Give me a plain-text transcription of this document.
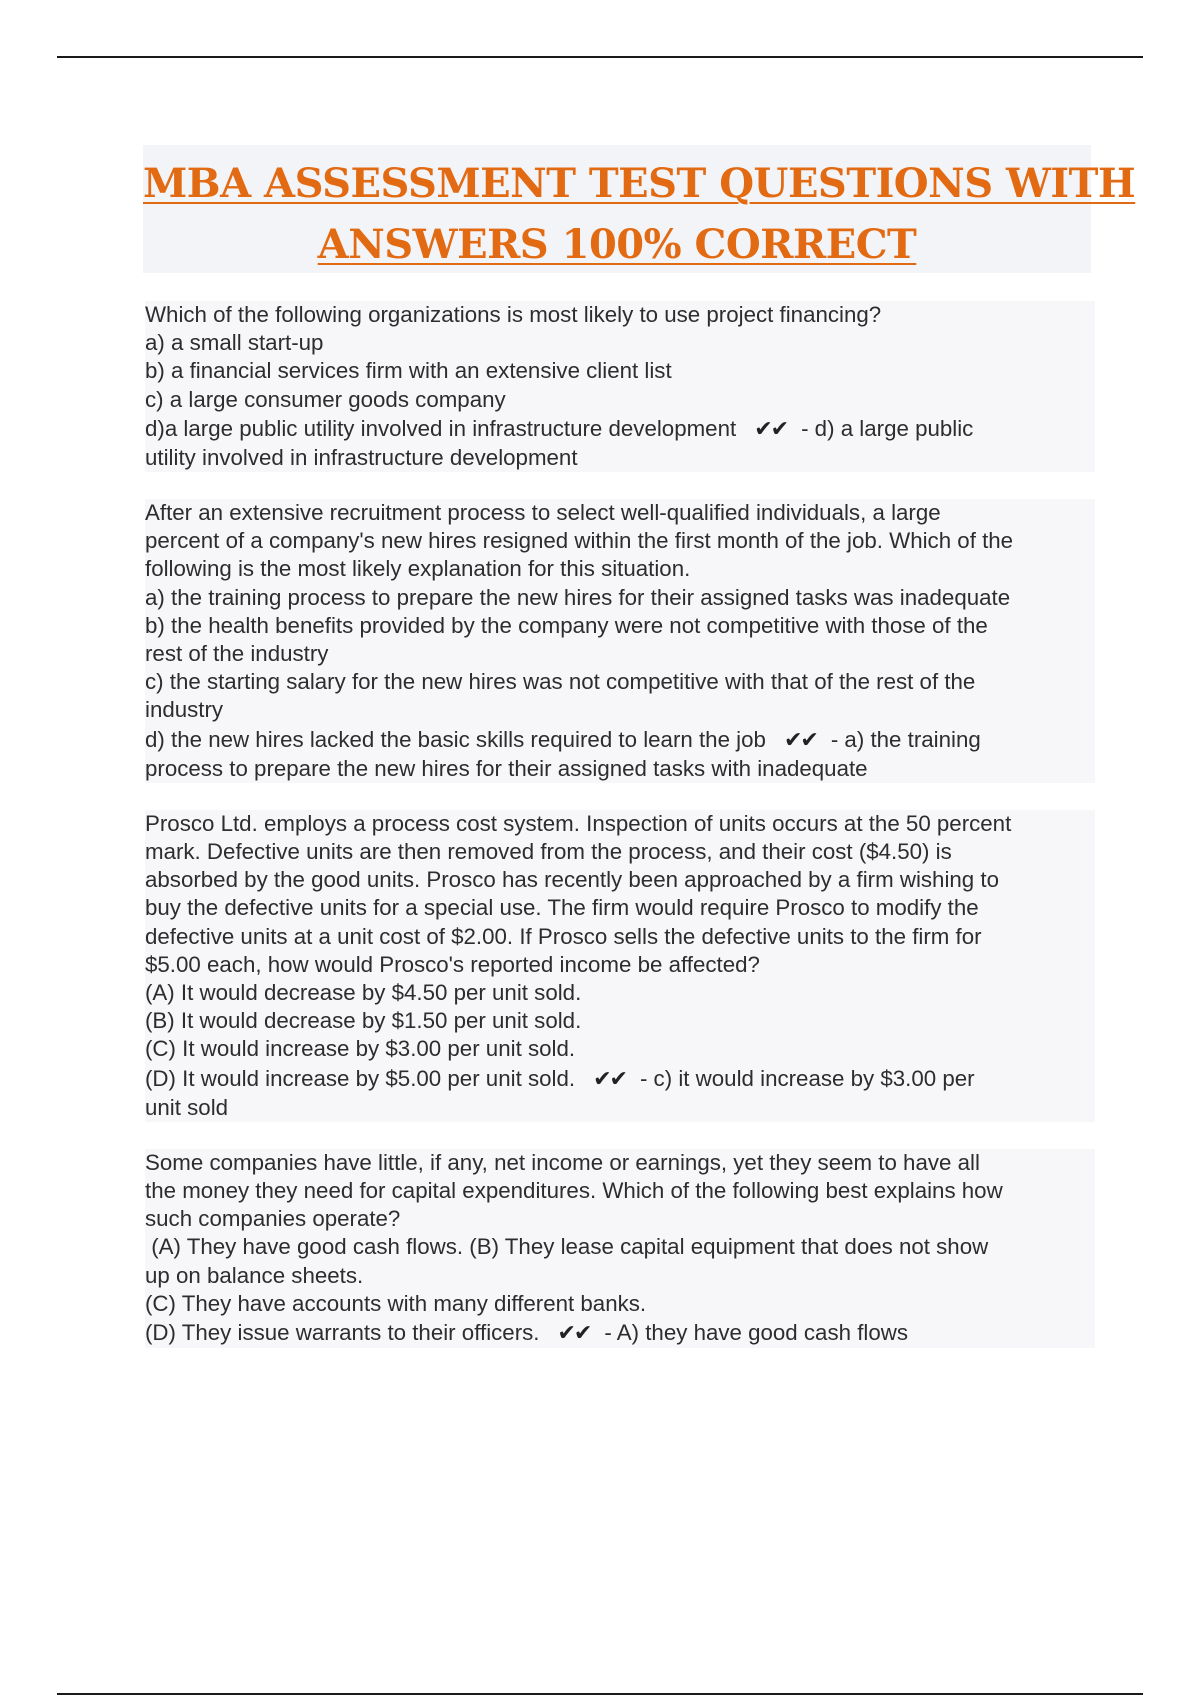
MBA ASSESSMENT TEST QUESTIONS WITH
ANSWERS 100% CORRECT
Which of the following organizations is most likely to use project financing?
a) a small start-up
b) a financial services firm with an extensive client list
c) a large consumer goods company
d)a large public utility involved in infrastructure development ✔✔ - d) a large public
utility involved in infrastructure development
After an extensive recruitment process to select well-qualified individuals, a large
percent of a company's new hires resigned within the first month of the job. Which of the
following is the most likely explanation for this situation.
a) the training process to prepare the new hires for their assigned tasks was inadequate
b) the health benefits provided by the company were not competitive with those of the
rest of the industry
c) the starting salary for the new hires was not competitive with that of the rest of the
industry
d) the new hires lacked the basic skills required to learn the job ✔✔ - a) the training
process to prepare the new hires for their assigned tasks with inadequate
Prosco Ltd. employs a process cost system. Inspection of units occurs at the 50 percent
mark. Defective units are then removed from the process, and their cost ($4.50) is
absorbed by the good units. Prosco has recently been approached by a firm wishing to
buy the defective units for a special use. The firm would require Prosco to modify the
defective units at a unit cost of $2.00. If Prosco sells the defective units to the firm for
$5.00 each, how would Prosco's reported income be affected?
(A) It would decrease by $4.50 per unit sold.
(B) It would decrease by $1.50 per unit sold.
(C) It would increase by $3.00 per unit sold.
(D) It would increase by $5.00 per unit sold. ✔✔ - c) it would increase by $3.00 per
unit sold
Some companies have little, if any, net income or earnings, yet they seem to have all
the money they need for capital expenditures. Which of the following best explains how
such companies operate?
(A) They have good cash flows. (B) They lease capital equipment that does not show
up on balance sheets.
(C) They have accounts with many different banks.
(D) They issue warrants to their officers. ✔✔ - A) they have good cash flows
